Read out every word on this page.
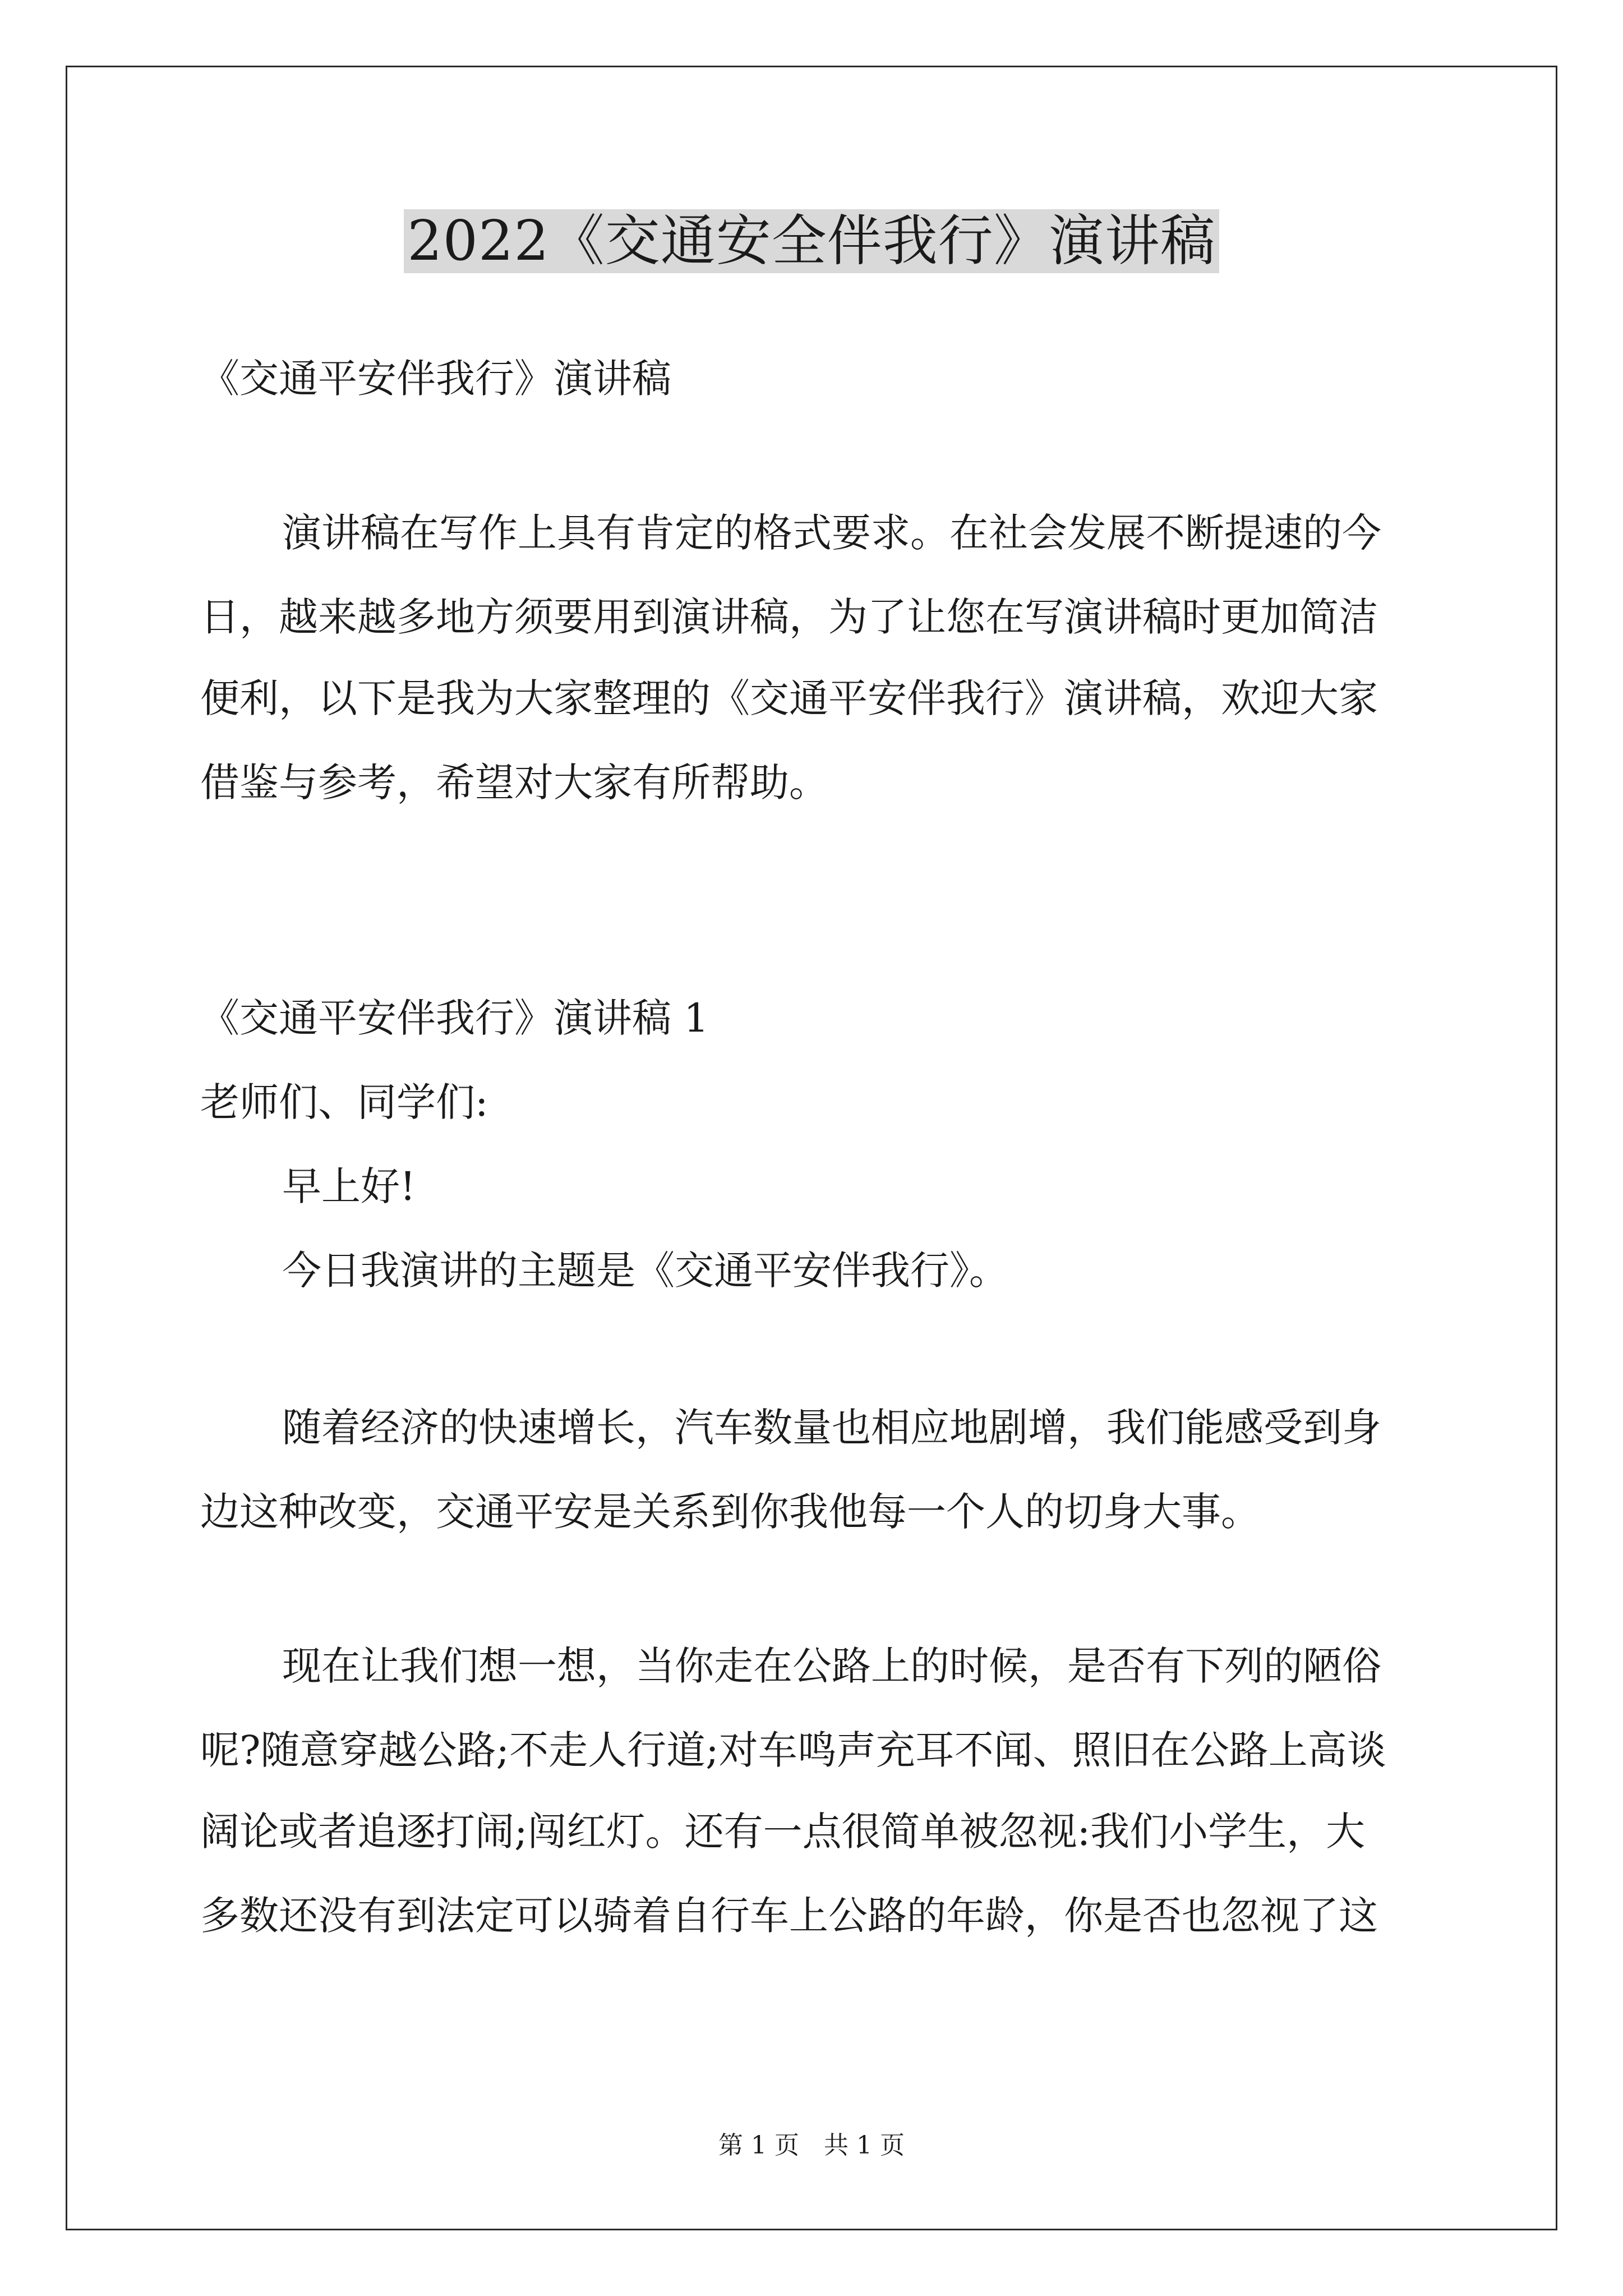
2022《交通安全伴我行》演讲稿
《交通平安伴我行》演讲稿
演讲稿在写作上具有肯定的格式要求。在社会发展不断提速的今
日，越来越多地方须要用到演讲稿，为了让您在写演讲稿时更加简洁
便利，以下是我为大家整理的《交通平安伴我行》演讲稿，欢迎大家
借鉴与参考，希望对大家有所帮助。
《交通平安伴我行》演讲稿 1
老师们、同学们:
早上好!
今日我演讲的主题是《交通平安伴我行》。
随着经济的快速增长，汽车数量也相应地剧增，我们能感受到身
边这种改变，交通平安是关系到你我他每一个人的切身大事。
现在让我们想一想，当你走在公路上的时候，是否有下列的陋俗
呢?随意穿越公路;不走人行道;对车鸣声充耳不闻、照旧在公路上高谈
阔论或者追逐打闹;闯红灯。还有一点很简单被忽视:我们小学生，大
多数还没有到法定可以骑着自行车上公路的年龄，你是否也忽视了这
第 1 页　共 1 页
